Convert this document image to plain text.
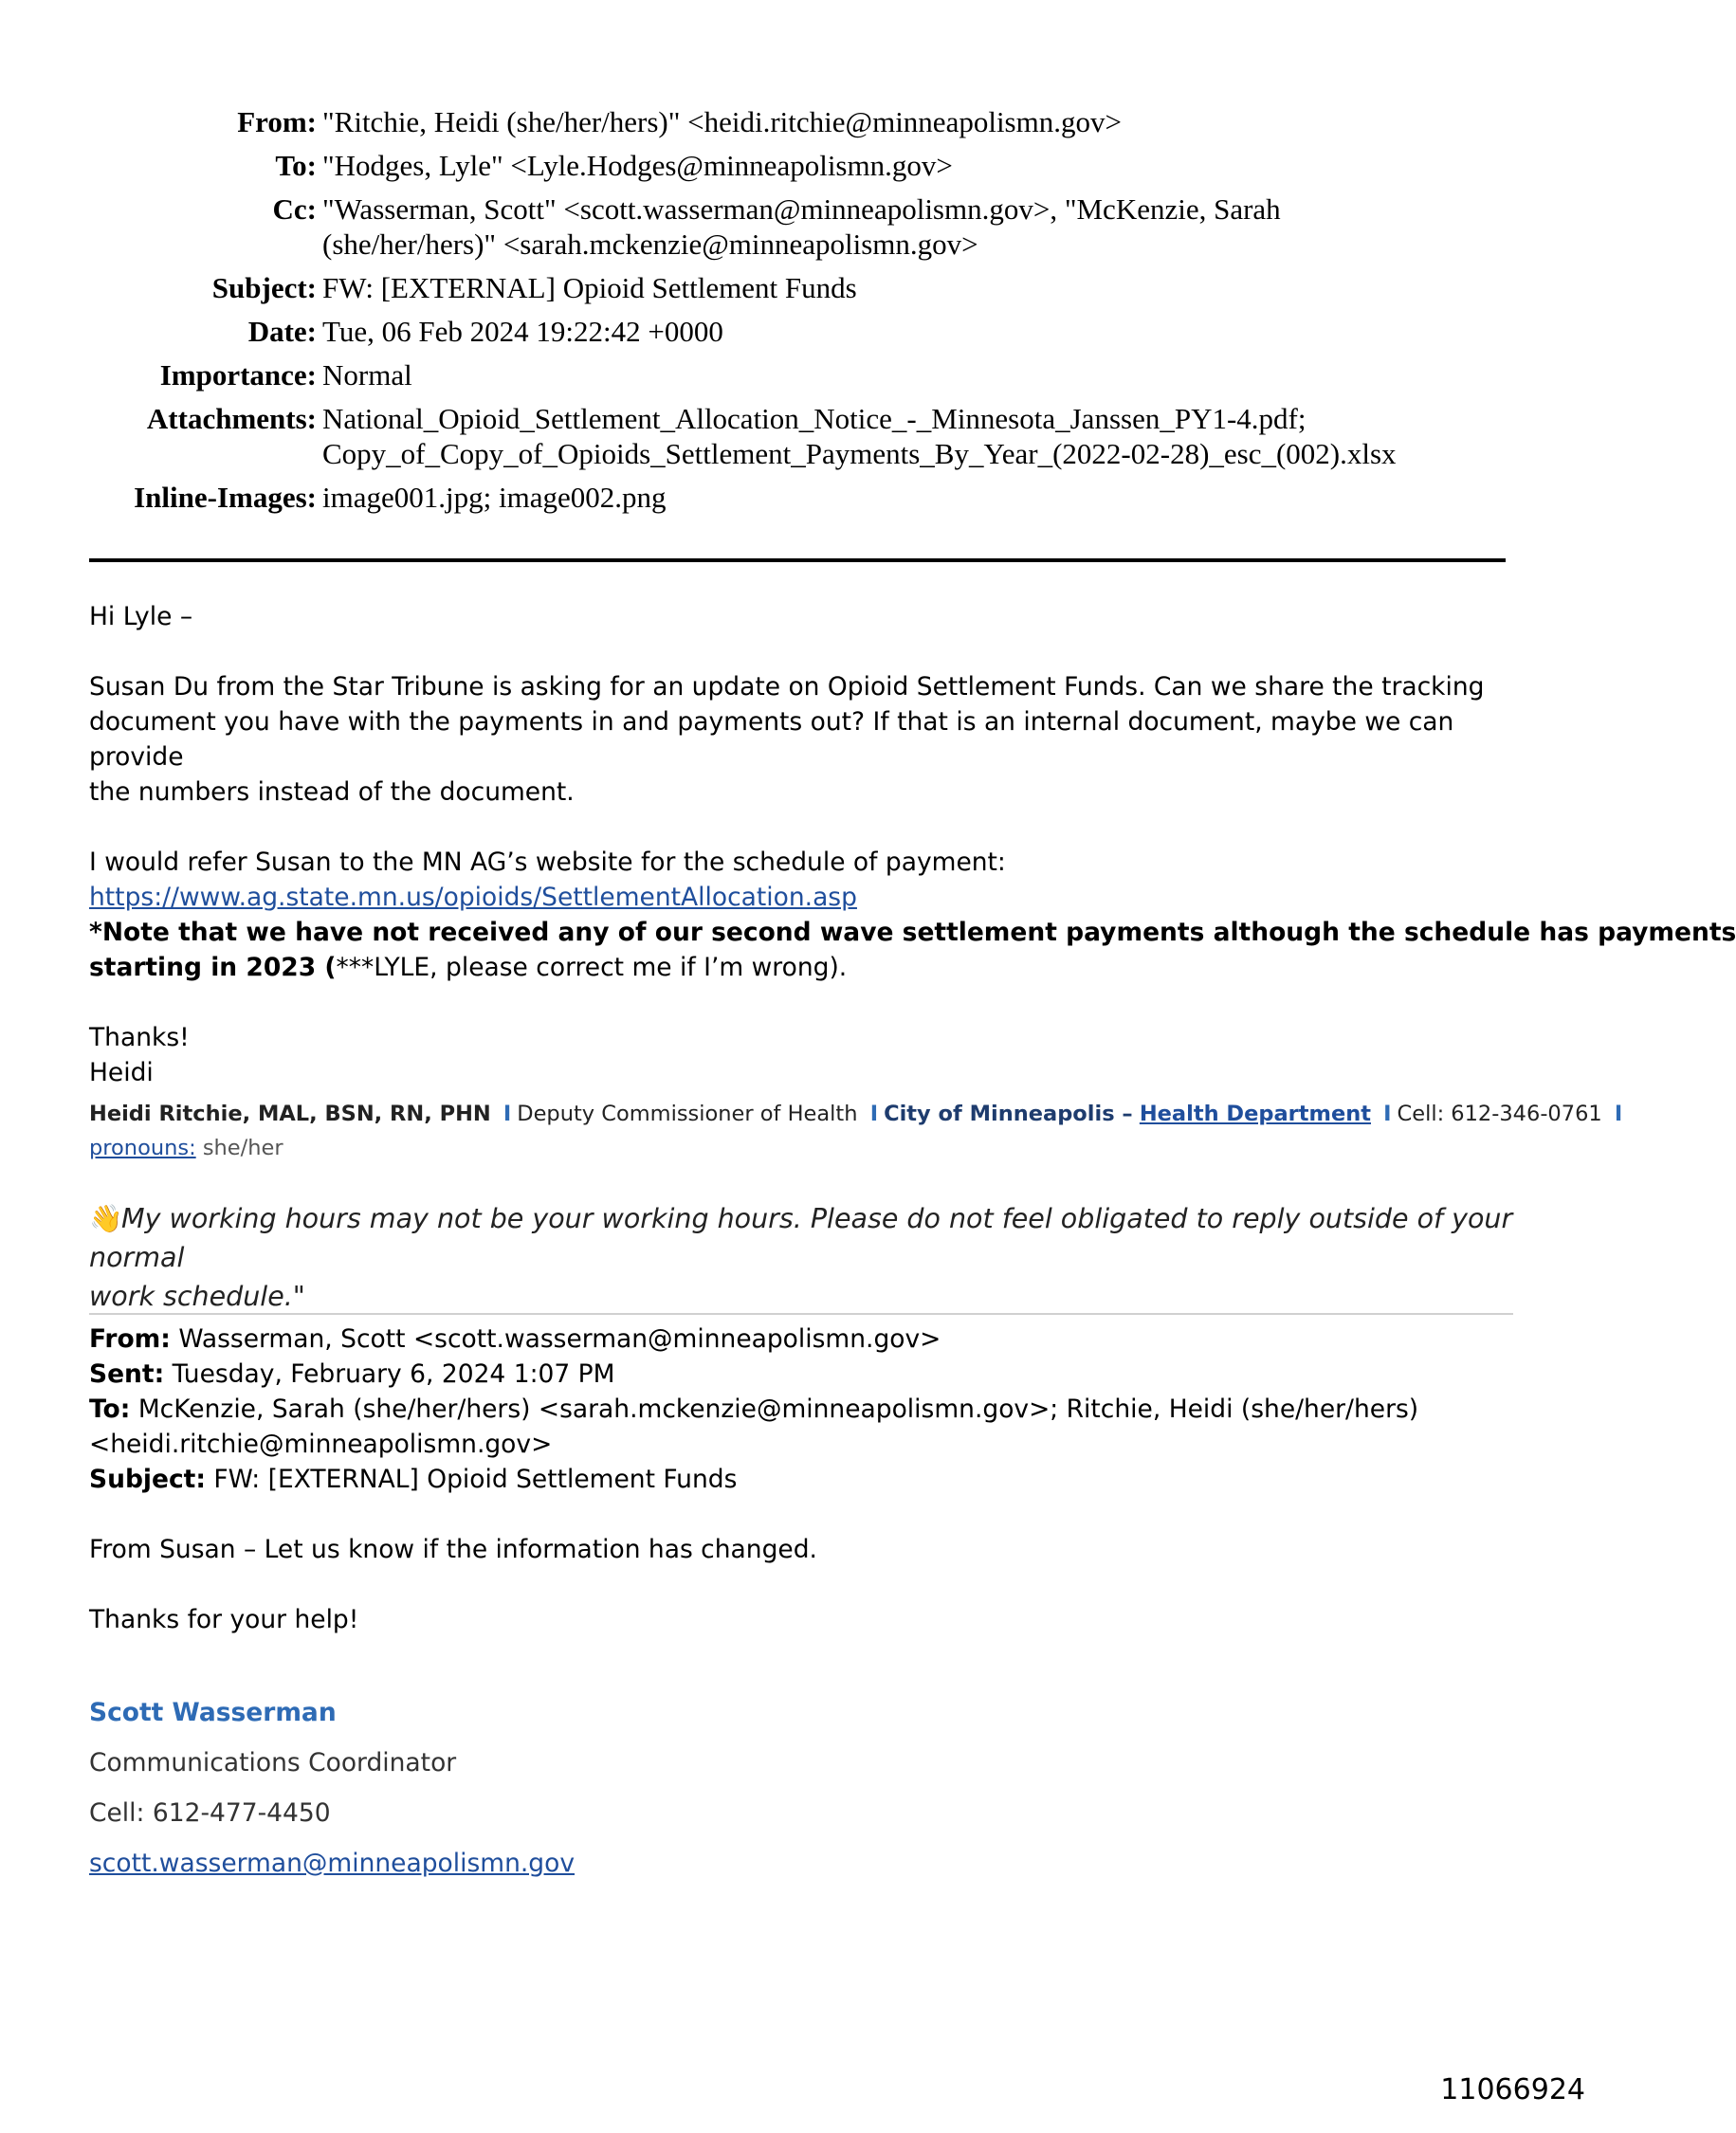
From: "Ritchie, Heidi (she/her/hers)" <heidi.ritchie@minneapolismn.gov>
To: "Hodges, Lyle" <Lyle.Hodges@minneapolismn.gov>
Cc: "Wasserman, Scott" <scott.wasserman@minneapolismn.gov>, "McKenzie, Sarah
(she/her/hers)" <sarah.mckenzie@minneapolismn.gov>
Subject: FW: [EXTERNAL] Opioid Settlement Funds
Date: Tue, 06 Feb 2024 19:22:42 +0000
Importance: Normal
Attachments: National_Opioid_Settlement_Allocation_Notice_-_Minnesota_Janssen_PY1-4.pdf;
Copy_of_Copy_of_Opioids_Settlement_Payments_By_Year_(2022-02-28)_esc_(002).xlsx
Inline-Images: image001.jpg; image002.png

Hi Lyle –

Susan Du from the Star Tribune is asking for an update on Opioid Settlement Funds. Can we share the tracking

document you have with the payments in and payments out? If that is an internal document, maybe we can provide

the numbers instead of the document.

I would refer Susan to the MN AG’s website for the schedule of payment:

https://www.ag.state.mn.us/opioids/SettlementAllocation.asp

*Note that we have not received any of our second wave settlement payments although the schedule has payments

starting in 2023 (***LYLE, please correct me if I’m wrong).

Thanks!

Heidi

Heidi Ritchie, MAL, BSN, RN, PHN I Deputy Commissioner of Health I City of Minneapolis – Health Department I Cell: 612-346-0761 I
pronouns: she/her
👋My working hours may not be your working hours. Please do not feel obligated to reply outside of your normal
work schedule."

From: Wasserman, Scott <scott.wasserman@minneapolismn.gov>

Sent: Tuesday, February 6, 2024 1:07 PM

To: McKenzie, Sarah (she/her/hers) <sarah.mckenzie@minneapolismn.gov>; Ritchie, Heidi (she/her/hers)

<heidi.ritchie@minneapolismn.gov>

Subject: FW: [EXTERNAL] Opioid Settlement Funds

From Susan – Let us know if the information has changed.

Thanks for your help!

Scott Wasserman
Communications Coordinator
Cell: 612-477-4450
scott.wasserman@minneapolismn.gov
11066924
